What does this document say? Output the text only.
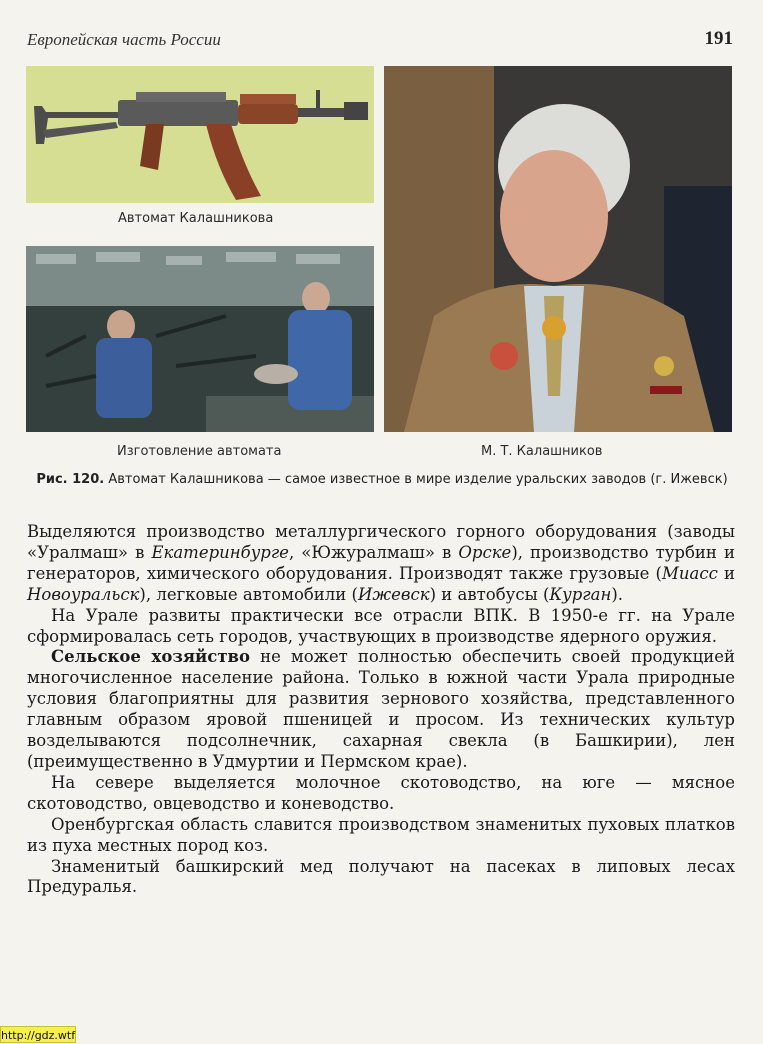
Европейская часть России	191
Автомат Калашникова
Изготовление автомата	М. Т. Калашников
Рис. 120. Автомат Калашникова — самое известное в мире изделие уральских заводов (г. Ижевск)

Выделяются производство металлургического горного оборудования (заводы «Уралмаш» в Екатеринбурге, «Южуралмаш» в Орске), производство турбин и генераторов, химического оборудования. Производят также грузовые (Миасс и Новоуральск), легковые автомобили (Ижевск) и автобусы (Курган).

На Урале развиты практически все отрасли ВПК. В 1950-е гг. на Урале сформировалась сеть городов, участвующих в производстве ядерного оружия.

Сельское хозяйство не может полностью обеспечить своей продукцией многочисленное население района. Только в южной части Урала природные условия благоприятны для развития зернового хозяйства, представленного главным образом яровой пшеницей и просом. Из технических культур возделываются подсолнечник, сахарная свекла (в Башкирии), лен (преимущественно в Удмуртии и Пермском крае).

На севере выделяется молочное скотоводство, на юге — мясное скотоводство, овцеводство и коневодство.

Оренбургская область славится производством знаменитых пуховых платков из пуха местных пород коз.

Знаменитый башкирский мед получают на пасеках в липовых лесах Предуралья.

http://gdz.wtf
